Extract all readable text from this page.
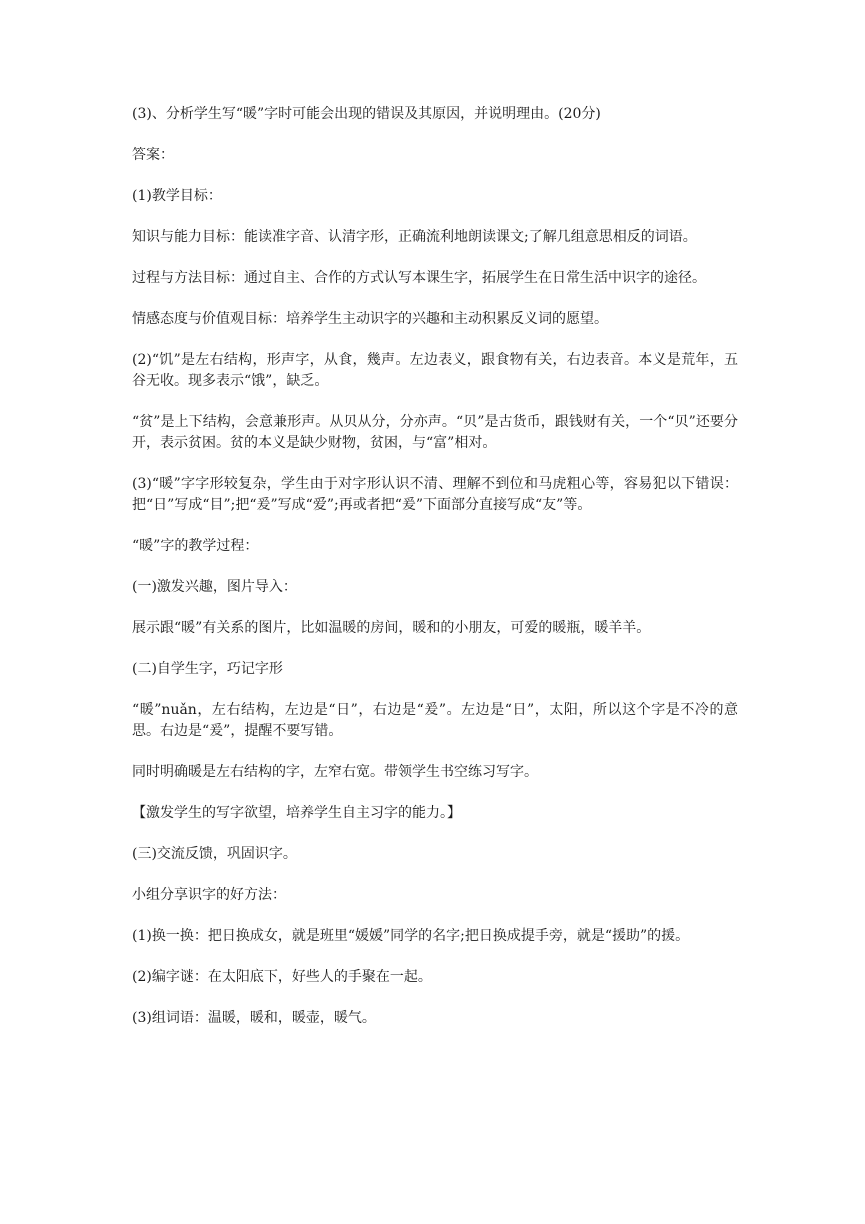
(3)、分析学生写“暖”字时可能会出现的错误及其原因，并说明理由。(20分)

答案：

(1)教学目标：

知识与能力目标：能读准字音、认清字形，正确流利地朗读课文;了解几组意思相反的词语。

过程与方法目标：通过自主、合作的方式认写本课生字，拓展学生在日常生活中识字的途径。

情感态度与价值观目标：培养学生主动识字的兴趣和主动积累反义词的愿望。

(2)“饥”是左右结构，形声字，从食，幾声。左边表义，跟食物有关，右边表音。本义是荒年，五谷无收。现多表示“饿”，缺乏。

“贫”是上下结构，会意兼形声。从贝从分，分亦声。“贝”是古货币，跟钱财有关，一个“贝”还要分开，表示贫困。贫的本义是缺少财物，贫困，与“富”相对。

(3)“暖”字字形较复杂，学生由于对字形认识不清、理解不到位和马虎粗心等，容易犯以下错误：把“日”写成“目”;把“爰”写成“爱”;再或者把“爰”下面部分直接写成“友”等。

“暖”字的教学过程：

(一)激发兴趣，图片导入：

展示跟“暖”有关系的图片，比如温暖的房间，暖和的小朋友，可爱的暖瓶，暖羊羊。

(二)自学生字，巧记字形

“暖”nuǎn，左右结构，左边是“日”，右边是“爰”。左边是“日”，太阳，所以这个字是不冷的意思。右边是“爰”，提醒不要写错。

同时明确暖是左右结构的字，左窄右宽。带领学生书空练习写字。

【激发学生的写字欲望，培养学生自主习字的能力。】

(三)交流反馈，巩固识字。

小组分享识字的好方法：

(1)换一换：把日换成女，就是班里“媛媛”同学的名字;把日换成提手旁，就是“援助”的援。

(2)编字谜：在太阳底下，好些人的手聚在一起。

(3)组词语：温暖，暖和，暖壶，暖气。
